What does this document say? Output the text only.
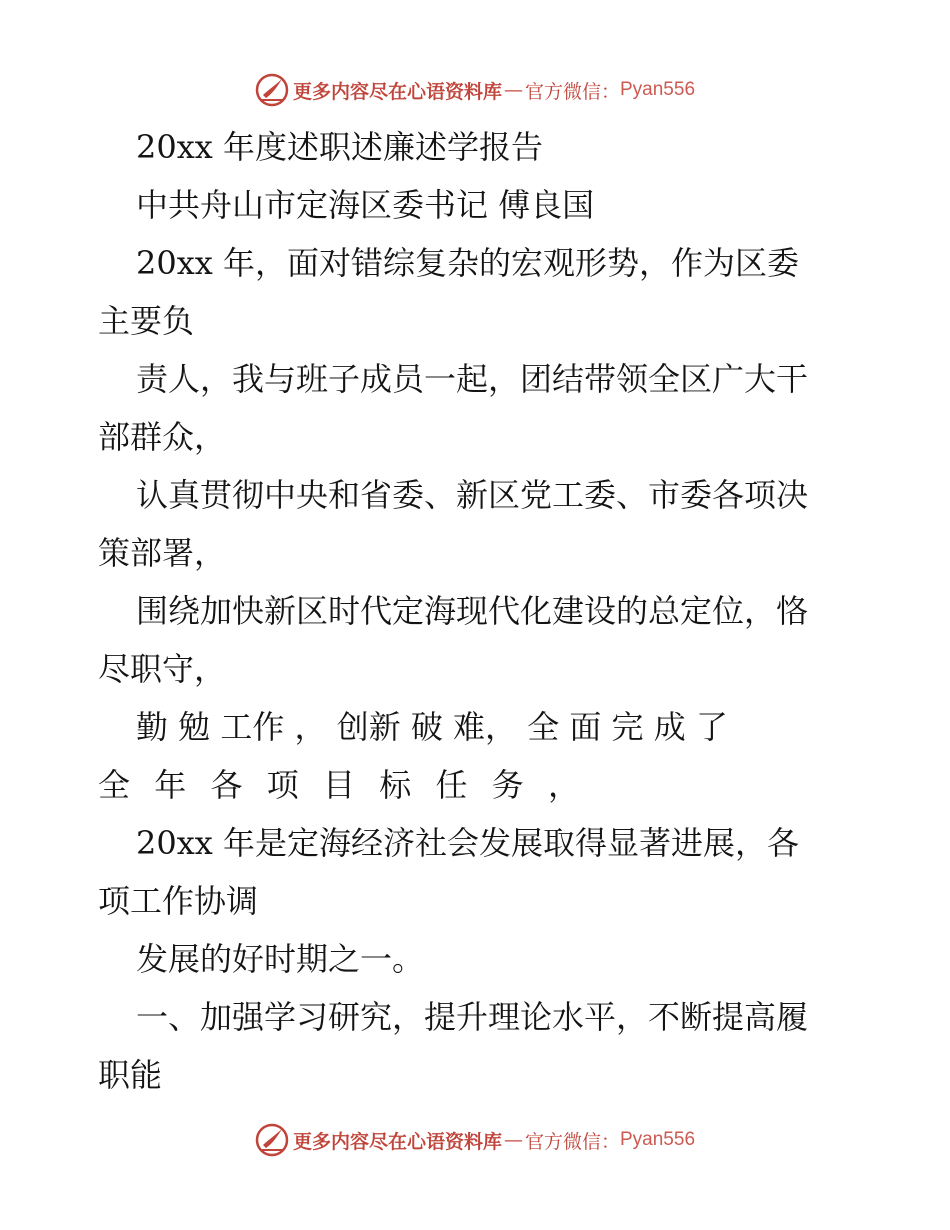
更多内容尽在心语资料库 — 官方微信： Pyan556
20xx 年度述职述廉述学报告
中共舟山市定海区委书记 傅良国
20xx 年，面对错综复杂的宏观形势，作为区委
主要负
责人，我与班子成员一起，团结带领全区广大干
部群众，
认真贯彻中央和省委、新区党工委、市委各项决
策部署，
围绕加快新区时代定海现代化建设的总定位，恪
尽职守，
勤 勉 工作 ， 创新 破 难， 全 面 完 成 了
全 年 各 项 目 标 任 务 ，
20xx 年是定海经济社会发展取得显著进展，各
项工作协调
发展的好时期之一。
一、加强学习研究，提升理论水平，不断提高履
职能
更多内容尽在心语资料库 — 官方微信： Pyan556
